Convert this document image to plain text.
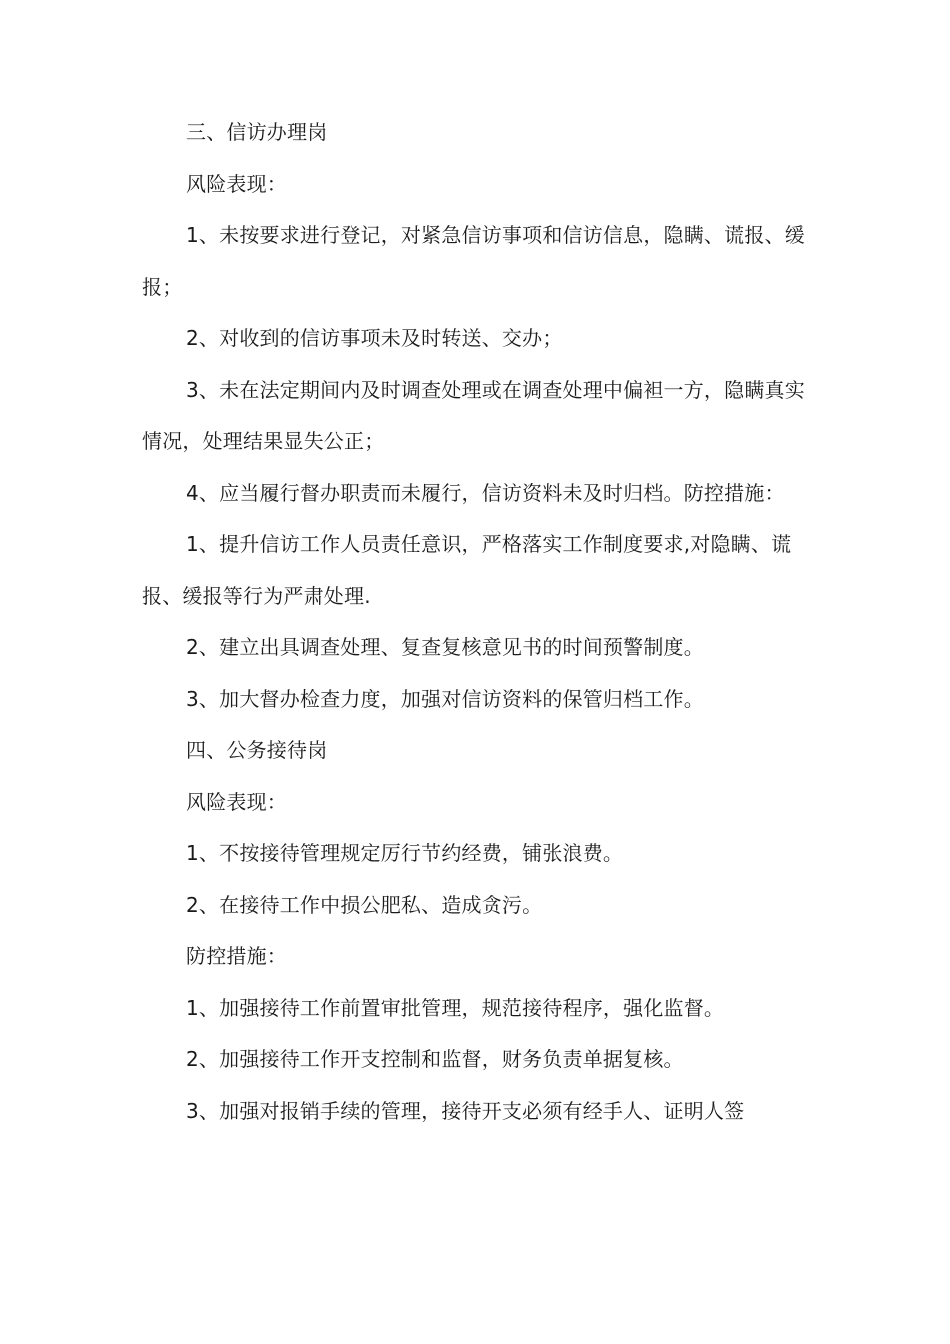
三、信访办理岗

风险表现：

1、未按要求进行登记，对紧急信访事项和信访信息，隐瞒、谎报、缓报；

2、对收到的信访事项未及时转送、交办；

3、未在法定期间内及时调查处理或在调查处理中偏袒一方，隐瞒真实情况，处理结果显失公正；

4、应当履行督办职责而未履行，信访资料未及时归档。防控措施：

1、提升信访工作人员责任意识，严格落实工作制度要求,对隐瞒、谎报、缓报等行为严肃处理.

2、建立出具调查处理、复查复核意见书的时间预警制度。

3、加大督办检查力度，加强对信访资料的保管归档工作。

四、公务接待岗

风险表现：

1、不按接待管理规定厉行节约经费，铺张浪费。

2、在接待工作中损公肥私、造成贪污。

防控措施：

1、加强接待工作前置审批管理，规范接待程序，强化监督。

2、加强接待工作开支控制和监督，财务负责单据复核。

3、加强对报销手续的管理，接待开支必须有经手人、证明人签
